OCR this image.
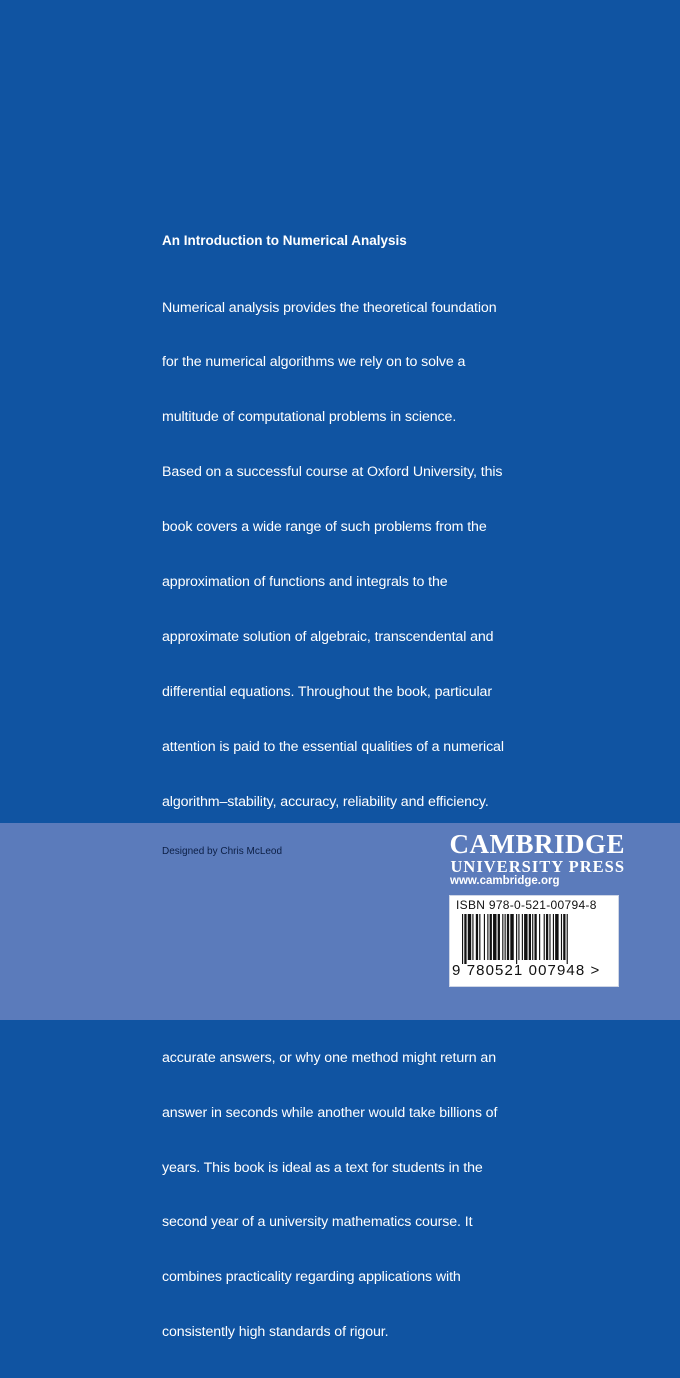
An Introduction to Numerical Analysis

Numerical analysis provides the theoretical foundation

for the numerical algorithms we rely on to solve a

multitude of computational problems in science.

Based on a successful course at Oxford University, this

book covers a wide range of such problems from the

approximation of functions and integrals to the

approximate solution of algebraic, transcendental and

differential equations. Throughout the book, particular

attention is paid to the essential qualities of a numerical

algorithm–stability, accuracy, reliability and efficiency.

accurate answers, or why one method might return an

answer in seconds while another would take billions of

years. This book is ideal as a text for students in the

second year of a university mathematics course. It

combines practicality regarding applications with

consistently high standards of rigour.

Designed by Chris McLeod	CAMBRIDGE
UNIVERSITY PRESS
www.cambridge.org
ISBN 978-0-521-00794-8
9 780521 007948 >
